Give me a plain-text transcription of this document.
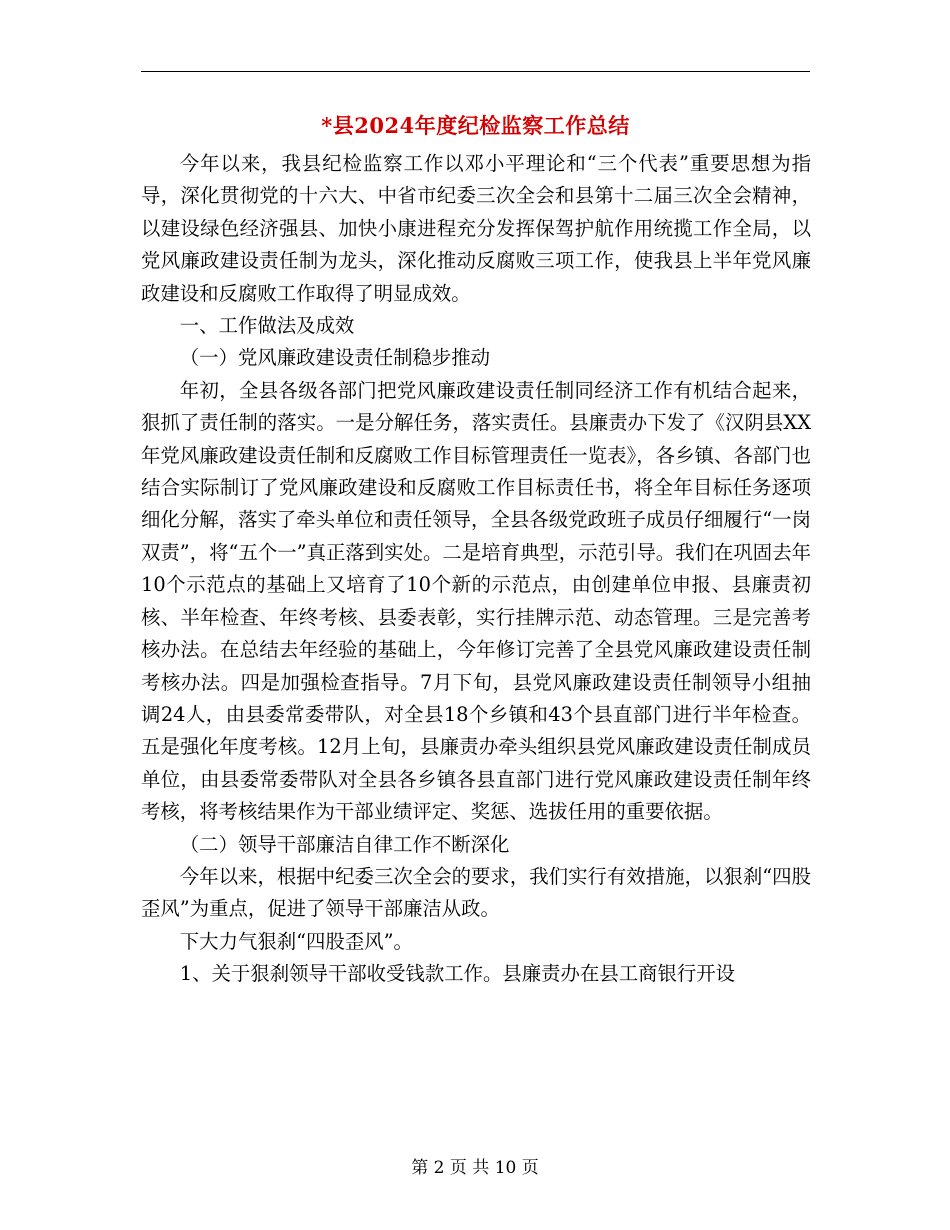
*县2024年度纪检监察工作总结

今年以来，我县纪检监察工作以邓小平理论和“三个代表”重要思想为指导，深化贯彻党的十六大、中省市纪委三次全会和县第十二届三次全会精神，以建设绿色经济强县、加快小康进程充分发挥保驾护航作用统揽工作全局，以党风廉政建设责任制为龙头，深化推动反腐败三项工作，使我县上半年党风廉政建设和反腐败工作取得了明显成效。

一、工作做法及成效

（一）党风廉政建设责任制稳步推动

年初，全县各级各部门把党风廉政建设责任制同经济工作有机结合起来，狠抓了责任制的落实。一是分解任务，落实责任。县廉责办下发了《汉阴县XX年党风廉政建设责任制和反腐败工作目标管理责任一览表》，各乡镇、各部门也结合实际制订了党风廉政建设和反腐败工作目标责任书，将全年目标任务逐项细化分解，落实了牵头单位和责任领导，全县各级党政班子成员仔细履行“一岗双责”，将“五个一”真正落到实处。二是培育典型，示范引导。我们在巩固去年10个示范点的基础上又培育了10个新的示范点，由创建单位申报、县廉责初核、半年检查、年终考核、县委表彰，实行挂牌示范、动态管理。三是完善考核办法。在总结去年经验的基础上，今年修订完善了全县党风廉政建设责任制考核办法。四是加强检查指导。7月下旬，县党风廉政建设责任制领导小组抽调24人，由县委常委带队，对全县18个乡镇和43个县直部门进行半年检查。五是强化年度考核。12月上旬，县廉责办牵头组织县党风廉政建设责任制成员单位，由县委常委带队对全县各乡镇各县直部门进行党风廉政建设责任制年终考核，将考核结果作为干部业绩评定、奖惩、选拔任用的重要依据。

（二）领导干部廉洁自律工作不断深化

今年以来，根据中纪委三次全会的要求，我们实行有效措施，以狠刹“四股歪风”为重点，促进了领导干部廉洁从政。

下大力气狠刹“四股歪风”。

1、关于狠刹领导干部收受钱款工作。县廉责办在县工商银行开设

第 2 页 共 10 页
